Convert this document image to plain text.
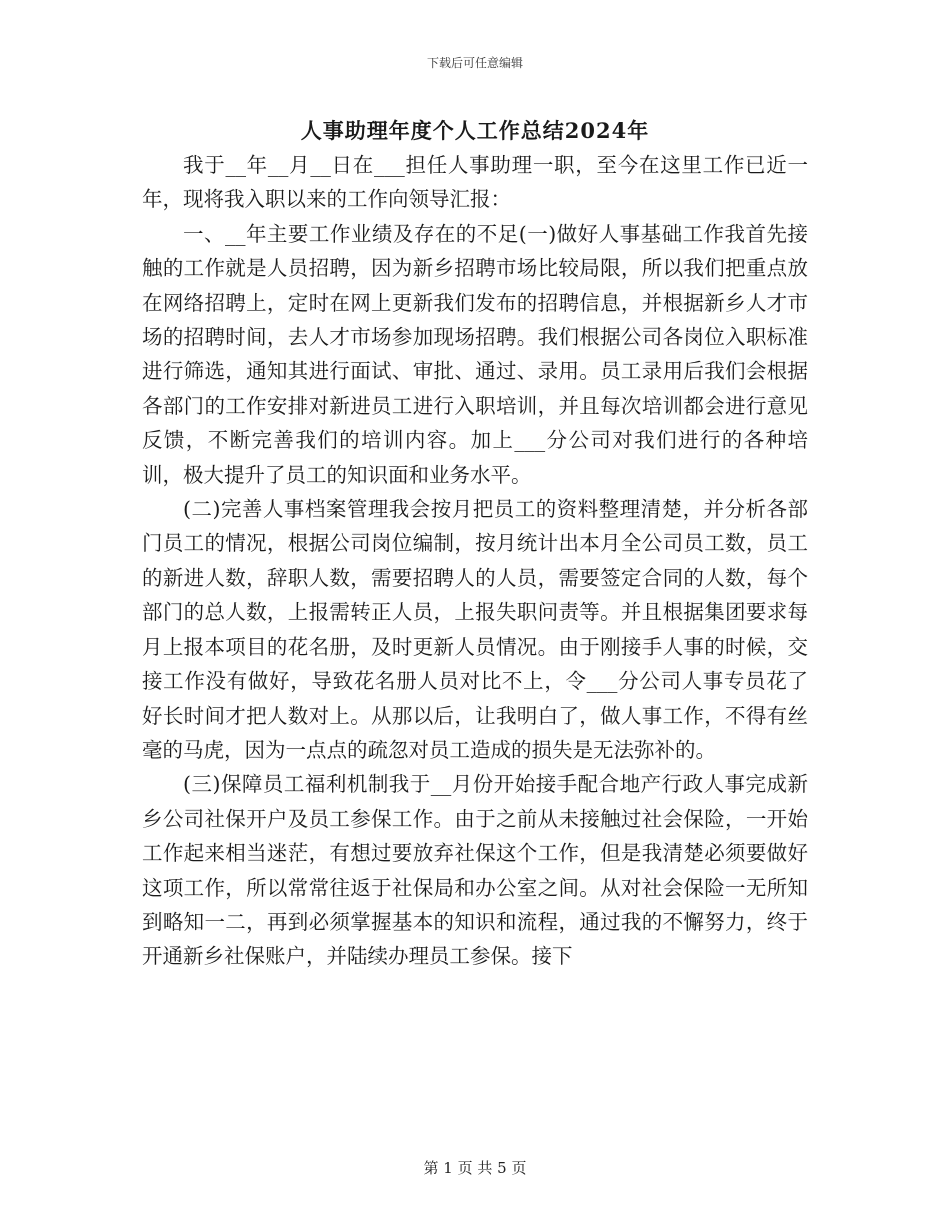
下载后可任意编辑
人事助理年度个人工作总结2024年

我于__年__月__日在___担任人事助理一职，至今在这里工作已近一年，现将我入职以来的工作向领导汇报：

一、__年主要工作业绩及存在的不足(一)做好人事基础工作我首先接触的工作就是人员招聘，因为新乡招聘市场比较局限，所以我们把重点放在网络招聘上，定时在网上更新我们发布的招聘信息，并根据新乡人才市场的招聘时间，去人才市场参加现场招聘。我们根据公司各岗位入职标准进行筛选，通知其进行面试、审批、通过、录用。员工录用后我们会根据各部门的工作安排对新进员工进行入职培训，并且每次培训都会进行意见反馈，不断完善我们的培训内容。加上___分公司对我们进行的各种培训，极大提升了员工的知识面和业务水平。

(二)完善人事档案管理我会按月把员工的资料整理清楚，并分析各部门员工的情况，根据公司岗位编制，按月统计出本月全公司员工数，员工的新进人数，辞职人数，需要招聘人的人员，需要签定合同的人数，每个部门的总人数，上报需转正人员，上报失职问责等。并且根据集团要求每月上报本项目的花名册，及时更新人员情况。由于刚接手人事的时候，交接工作没有做好，导致花名册人员对比不上，令___分公司人事专员花了好长时间才把人数对上。从那以后，让我明白了，做人事工作，不得有丝毫的马虎，因为一点点的疏忽对员工造成的损失是无法弥补的。

(三)保障员工福利机制我于__月份开始接手配合地产行政人事完成新乡公司社保开户及员工参保工作。由于之前从未接触过社会保险，一开始工作起来相当迷茫，有想过要放弃社保这个工作，但是我清楚必须要做好这项工作，所以常常往返于社保局和办公室之间。从对社会保险一无所知到略知一二，再到必须掌握基本的知识和流程，通过我的不懈努力，终于开通新乡社保账户，并陆续办理员工参保。接下

第 1 页 共 5 页
